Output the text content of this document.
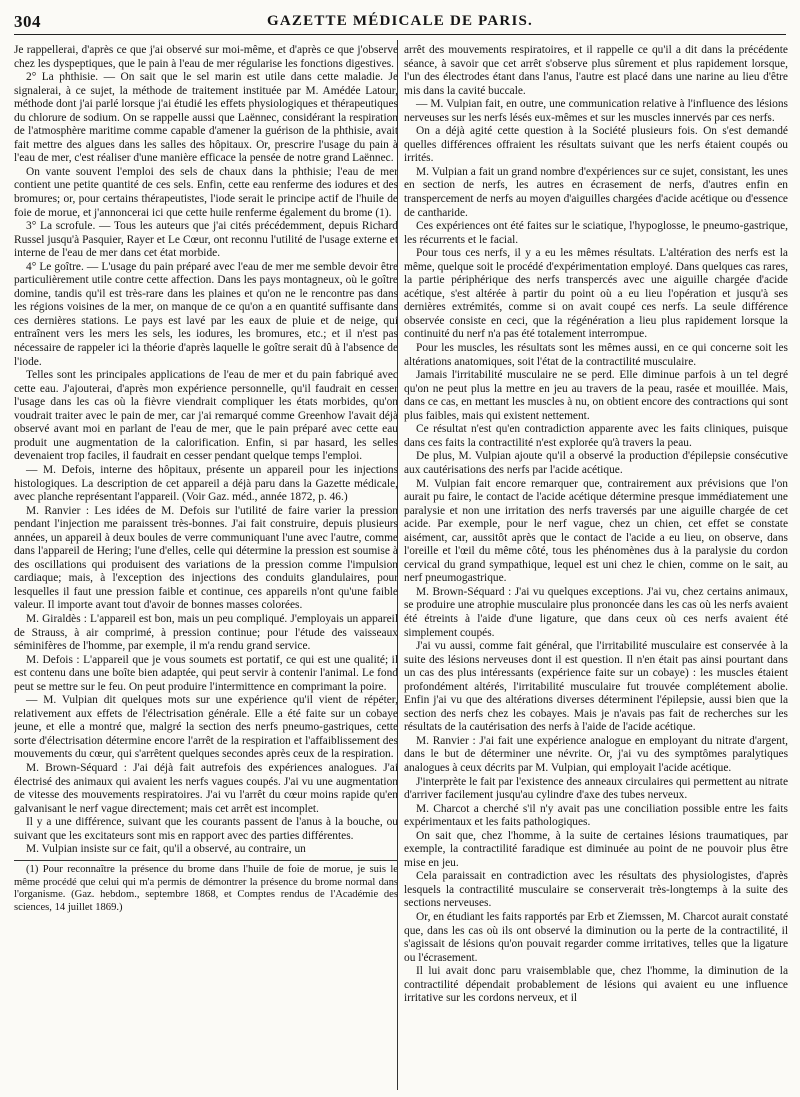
304	GAZETTE MÉDICALE DE PARIS.

Je rappellerai, d'après ce que j'ai observé sur moi-même, et d'après ce que j'observe chez les dyspeptiques, que le pain à l'eau de mer régularise les fonctions digestives.

2° La phthisie. — On sait que le sel marin est utile dans cette maladie. Je signalerai, à ce sujet, la méthode de traitement instituée par M. Amédée Latour, méthode dont j'ai parlé lorsque j'ai étudié les effets physiologiques et thérapeutiques du chlorure de sodium. On se rappelle aussi que Laënnec, considérant la respiration de l'atmosphère maritime comme capable d'amener la guérison de la phthisie, avait fait mettre des algues dans les salles des hôpitaux. Or, prescrire l'usage du pain à l'eau de mer, c'est réaliser d'une manière efficace la pensée de notre grand Laënnec.

On vante souvent l'emploi des sels de chaux dans la phthisie; l'eau de mer contient une petite quantité de ces sels. Enfin, cette eau renferme des iodures et des bromures; or, pour certains thérapeutistes, l'iode serait le principe actif de l'huile de foie de morue, et j'annoncerai ici que cette huile renferme également du brome (1).

3° La scrofule. — Tous les auteurs que j'ai cités précédemment, depuis Richard Russel jusqu'à Pasquier, Rayer et Le Cœur, ont reconnu l'utilité de l'usage externe et interne de l'eau de mer dans cet état morbide.

4° Le goître. — L'usage du pain préparé avec l'eau de mer me semble devoir être particulièrement utile contre cette affection. Dans les pays montagneux, où le goître domine, tandis qu'il est très-rare dans les plaines et qu'on ne le rencontre pas dans les régions voisines de la mer, on manque de ce qu'on a en quantité suffisante dans ces dernières stations. Le pays est lavé par les eaux de pluie et de neige, qui entraînent vers les mers les sels, les iodures, les bromures, etc.; et il n'est pas nécessaire de rappeler ici la théorie d'après laquelle le goître serait dû à l'absence de l'iode.

Telles sont les principales applications de l'eau de mer et du pain fabriqué avec cette eau. J'ajouterai, d'après mon expérience personnelle, qu'il faudrait en cesser l'usage dans les cas où la fièvre viendrait compliquer les états morbides, qu'on voudrait traiter avec le pain de mer, car j'ai remarqué comme Greenhow l'avait déjà observé avant moi en parlant de l'eau de mer, que le pain préparé avec cette eau produit une augmentation de la calorification. Enfin, si par hasard, les selles devenaient trop faciles, il faudrait en cesser pendant quelque temps l'emploi.

— M. Defois, interne des hôpitaux, présente un appareil pour les injections histologiques. La description de cet appareil a déjà paru dans la Gazette médicale, avec planche représentant l'appareil. (Voir Gaz. méd., année 1872, p. 46.)

M. Ranvier : Les idées de M. Defois sur l'utilité de faire varier la pression pendant l'injection me paraissent très-bonnes. J'ai fait construire, depuis plusieurs années, un appareil à deux boules de verre communiquant l'une avec l'autre, comme dans l'appareil de Hering; l'une d'elles, celle qui détermine la pression est soumise à des oscillations qui produisent des variations de la pression comme l'impulsion cardiaque; mais, à l'exception des injections des conduits glandulaires, pour lesquelles il faut une pression faible et continue, ces appareils n'ont qu'une faible valeur. Il importe avant tout d'avoir de bonnes masses colorées.

M. Giraldès : L'appareil est bon, mais un peu compliqué. J'employais un appareil de Strauss, à air comprimé, à pression continue; pour l'étude des vaisseaux séminifères de l'homme, par exemple, il m'a rendu grand service.

M. Defois : L'appareil que je vous soumets est portatif, ce qui est une qualité; il est contenu dans une boîte bien adaptée, qui peut servir à contenir l'animal. Le fond peut se mettre sur le feu. On peut produire l'intermittence en comprimant la poire.

— M. Vulpian dit quelques mots sur une expérience qu'il vient de répéter, relativement aux effets de l'électrisation générale. Elle a été faite sur un cobaye jeune, et elle a montré que, malgré la section des nerfs pneumo-gastriques, cette sorte d'électrisation détermine encore l'arrêt de la respiration et l'affaiblissement des mouvements du cœur, qui s'arrêtent quelques secondes après ceux de la respiration.

M. Brown-Séquard : J'ai déjà fait autrefois des expériences analogues. J'ai électrisé des animaux qui avaient les nerfs vagues coupés. J'ai vu une augmentation de vitesse des mouvements respiratoires. J'ai vu l'arrêt du cœur moins rapide qu'en galvanisant le nerf vague directement; mais cet arrêt est incomplet.

Il y a une différence, suivant que les courants passent de l'anus à la bouche, ou suivant que les excitateurs sont mis en rapport avec des parties différentes.

M. Vulpian insiste sur ce fait, qu'il a observé, au contraire, un

(1) Pour reconnaître la présence du brome dans l'huile de foie de morue, je suis le même procédé que celui qui m'a permis de démontrer la présence du brome normal dans l'organisme. (Gaz. hebdom., septembre 1868, et Comptes rendus de l'Académie des sciences, 14 juillet 1869.)

arrêt des mouvements respiratoires, et il rappelle ce qu'il a dit dans la précédente séance, à savoir que cet arrêt s'observe plus sûrement et plus rapidement lorsque, l'un des électrodes étant dans l'anus, l'autre est placé dans une narine au lieu d'être mis dans la cavité buccale.

— M. Vulpian fait, en outre, une communication relative à l'influence des lésions nerveuses sur les nerfs lésés eux-mêmes et sur les muscles innervés par ces nerfs.

On a déjà agité cette question à la Société plusieurs fois. On s'est demandé quelles différences offraient les résultats suivant que les nerfs étaient coupés ou irrités.

M. Vulpian a fait un grand nombre d'expériences sur ce sujet, consistant, les unes en section de nerfs, les autres en écrasement de nerfs, d'autres enfin en transpercement de nerfs au moyen d'aiguilles chargées d'acide acétique ou d'essence de cantharide.

Ces expériences ont été faites sur le sciatique, l'hypoglosse, le pneumo-gastrique, les récurrents et le facial.

Pour tous ces nerfs, il y a eu les mêmes résultats. L'altération des nerfs est la même, quelque soit le procédé d'expérimentation employé. Dans quelques cas rares, la partie périphérique des nerfs transpercés avec une aiguille chargée d'acide acétique, s'est altérée à partir du point où a eu lieu l'opération et jusqu'à ses dernières extrémités, comme si on avait coupé ces nerfs. La seule différence observée consiste en ceci, que la régénération a lieu plus rapidement lorsque la continuité du nerf n'a pas été totalement interrompue.

Pour les muscles, les résultats sont les mêmes aussi, en ce qui concerne soit les altérations anatomiques, soit l'état de la contractilité musculaire.

Jamais l'irritabilité musculaire ne se perd. Elle diminue parfois à un tel degré qu'on ne peut plus la mettre en jeu au travers de la peau, rasée et mouillée. Mais, dans ce cas, en mettant les muscles à nu, on obtient encore des contractions qui sont plus faibles, mais qui existent nettement.

Ce résultat n'est qu'en contradiction apparente avec les faits cliniques, puisque dans ces faits la contractilité n'est explorée qu'à travers la peau.

De plus, M. Vulpian ajoute qu'il a observé la production d'épilepsie consécutive aux cautérisations des nerfs par l'acide acétique.

M. Vulpian fait encore remarquer que, contrairement aux prévisions que l'on aurait pu faire, le contact de l'acide acétique détermine presque immédiatement une paralysie et non une irritation des nerfs traversés par une aiguille chargée de cet acide. Par exemple, pour le nerf vague, chez un chien, cet effet se constate aisément, car, aussitôt après que le contact de l'acide a eu lieu, on observe, dans l'oreille et l'œil du même côté, tous les phénomènes dus à la paralysie du cordon cervical du grand sympathique, lequel est uni chez le chien, comme on le sait, au nerf pneumogastrique.

M. Brown-Séquard : J'ai vu quelques exceptions. J'ai vu, chez certains animaux, se produire une atrophie musculaire plus prononcée dans les cas où les nerfs avaient été étreints à l'aide d'une ligature, que dans ceux où ces nerfs avaient été simplement coupés.

J'ai vu aussi, comme fait général, que l'irritabilité musculaire est conservée à la suite des lésions nerveuses dont il est question. Il n'en était pas ainsi pourtant dans un cas des plus intéressants (expérience faite sur un cobaye) : les muscles étaient profondément altérés, l'irritabilité musculaire fut trouvée complétement abolie. Enfin j'ai vu que des altérations diverses déterminent l'épilepsie, aussi bien que la section des nerfs chez les cobayes. Mais je n'avais pas fait de recherches sur les résultats de la cautérisation des nerfs à l'aide de l'acide acétique.

M. Ranvier : J'ai fait une expérience analogue en employant du nitrate d'argent, dans le but de déterminer une névrite. Or, j'ai vu des symptômes paralytiques analogues à ceux décrits par M. Vulpian, qui employait l'acide acétique.

J'interprète le fait par l'existence des anneaux circulaires qui permettent au nitrate d'arriver facilement jusqu'au cylindre d'axe des tubes nerveux.

M. Charcot a cherché s'il n'y avait pas une conciliation possible entre les faits expérimentaux et les faits pathologiques.

On sait que, chez l'homme, à la suite de certaines lésions traumatiques, par exemple, la contractilité faradique est diminuée au point de ne pouvoir plus être mise en jeu.

Cela paraissait en contradiction avec les résultats des physiologistes, d'après lesquels la contractilité musculaire se conserverait très-longtemps à la suite des sections nerveuses.

Or, en étudiant les faits rapportés par Erb et Ziemssen, M. Charcot aurait constaté que, dans les cas où ils ont observé la diminution ou la perte de la contractilité, il s'agissait de lésions qu'on pouvait regarder comme irritatives, telles que la ligature ou l'écrasement.

Il lui avait donc paru vraisemblable que, chez l'homme, la diminution de la contractilité dépendait probablement de lésions qui avaient eu une influence irritative sur les cordons nerveux, et il
